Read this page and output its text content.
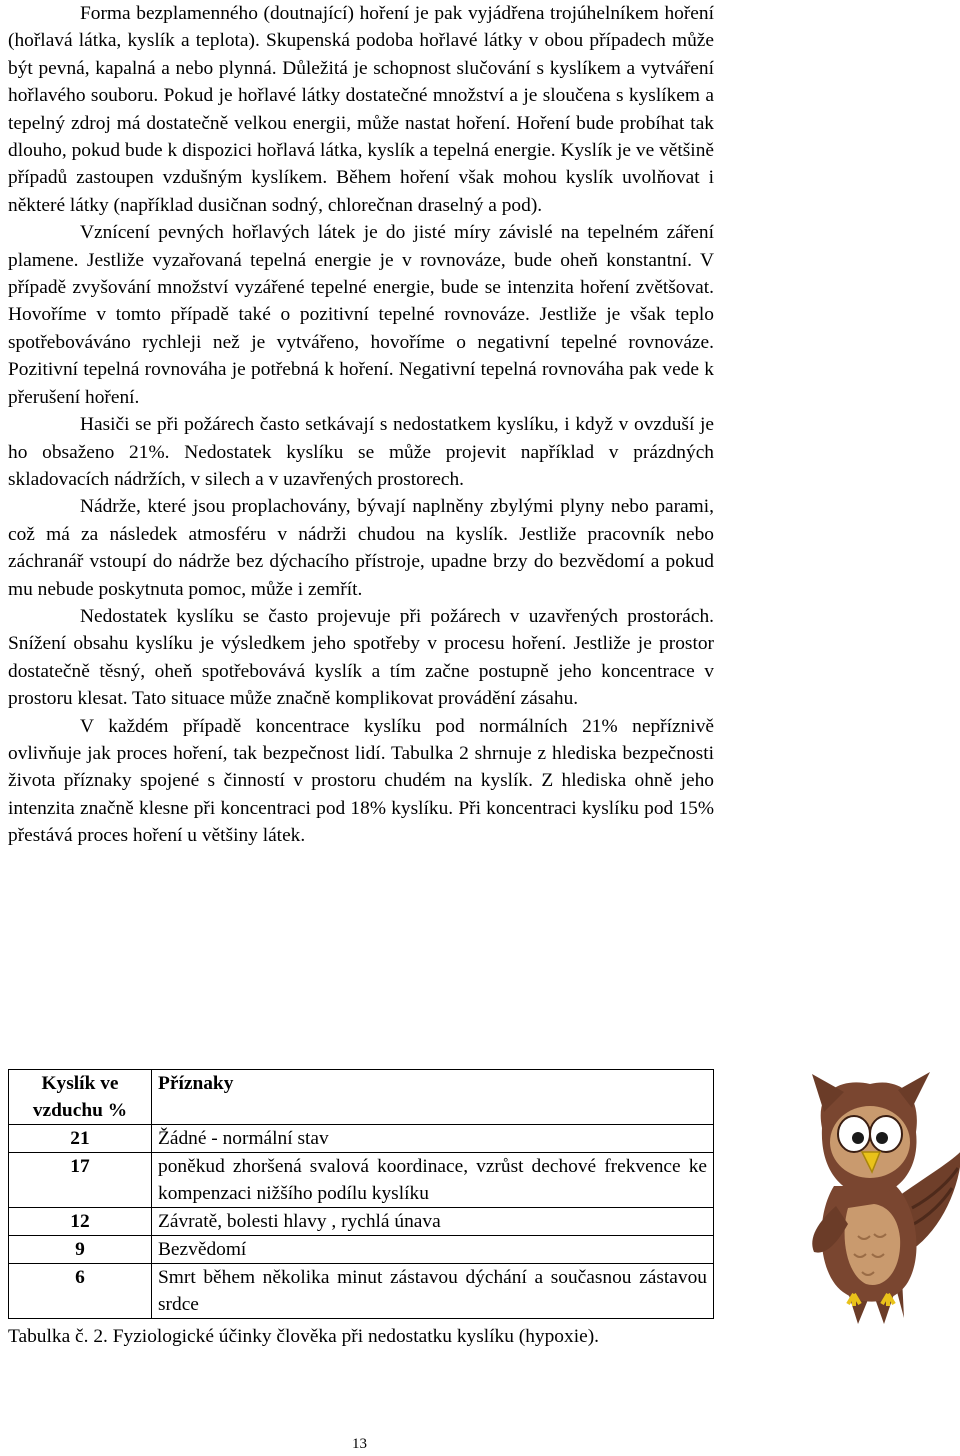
Forma bezplamenného (doutnající) hoření je pak vyjádřena trojúhelníkem hoření (hořlavá látka, kyslík a teplota). Skupenská podoba hořlavé látky v obou případech může být pevná, kapalná a nebo plynná. Důležitá je schopnost slučování s kyslíkem a vytváření hořlavého souboru. Pokud je hořlavé látky dostatečné množství a je sloučena s kyslíkem a tepelný zdroj má dostatečně velkou energii, může nastat hoření. Hoření bude probíhat tak dlouho, pokud bude k dispozici hořlavá látka, kyslík a tepelná energie. Kyslík je ve většině případů zastoupen vzdušným kyslíkem. Během hoření však mohou kyslík uvolňovat i některé látky (například dusičnan sodný, chlorečnan draselný a pod).

Vznícení pevných hořlavých látek je do jisté míry závislé na tepelném záření plamene. Jestliže vyzařovaná tepelná energie je v rovnováze, bude oheň konstantní. V případě zvyšování množství vyzářené tepelné energie, bude se intenzita hoření zvětšovat. Hovoříme v tomto případě také o pozitivní tepelné rovnováze. Jestliže je však teplo spotřebováváno rychleji než je vytvářeno, hovoříme o negativní tepelné rovnováze. Pozitivní tepelná rovnováha je potřebná k hoření. Negativní tepelná rovnováha pak vede k přerušení hoření.

Hasiči se při požárech často setkávají s nedostatkem kyslíku, i když v ovzduší je ho obsaženo 21%. Nedostatek kyslíku se může projevit například v prázdných skladovacích nádržích, v silech a v uzavřených prostorech.

Nádrže, které jsou proplachovány, bývají naplněny zbylými plyny nebo parami, což má za následek atmosféru v nádrži chudou na kyslík. Jestliže pracovník nebo záchranář vstoupí do nádrže bez dýchacího přístroje, upadne brzy do bezvědomí a pokud mu nebude poskytnuta pomoc, může i zemřít.

Nedostatek kyslíku se často projevuje při požárech v uzavřených prostorách. Snížení obsahu kyslíku je výsledkem jeho spotřeby v procesu hoření. Jestliže je prostor dostatečně těsný, oheň spotřebovává kyslík a tím začne postupně jeho koncentrace v prostoru klesat. Tato situace může značně komplikovat provádění zásahu.

V každém případě koncentrace kyslíku pod normálních 21% nepříznivě ovlivňuje jak proces hoření, tak bezpečnost lidí. Tabulka 2 shrnuje z hlediska bezpečnosti života příznaky spojené s činností v prostoru chudém na kyslík. Z hlediska ohně jeho intenzita značně klesne při koncentraci pod 18% kyslíku. Při koncentraci kyslíku pod 15% přestává proces hoření u většiny látek.

Kyslík ve vzduchu %	Příznaky
21	Žádné - normální stav
17	poněkud zhoršená svalová koordinace, vzrůst dechové frekvence ke kompenzaci nižšího podílu kyslíku
12	Závratě, bolesti hlavy , rychlá únava
9	Bezvědomí
6	Smrt během několika minut zástavou dýchání a současnou zástavou srdce
Tabulka č. 2. Fyziologické účinky člověka při nedostatku kyslíku (hypoxie).
13
